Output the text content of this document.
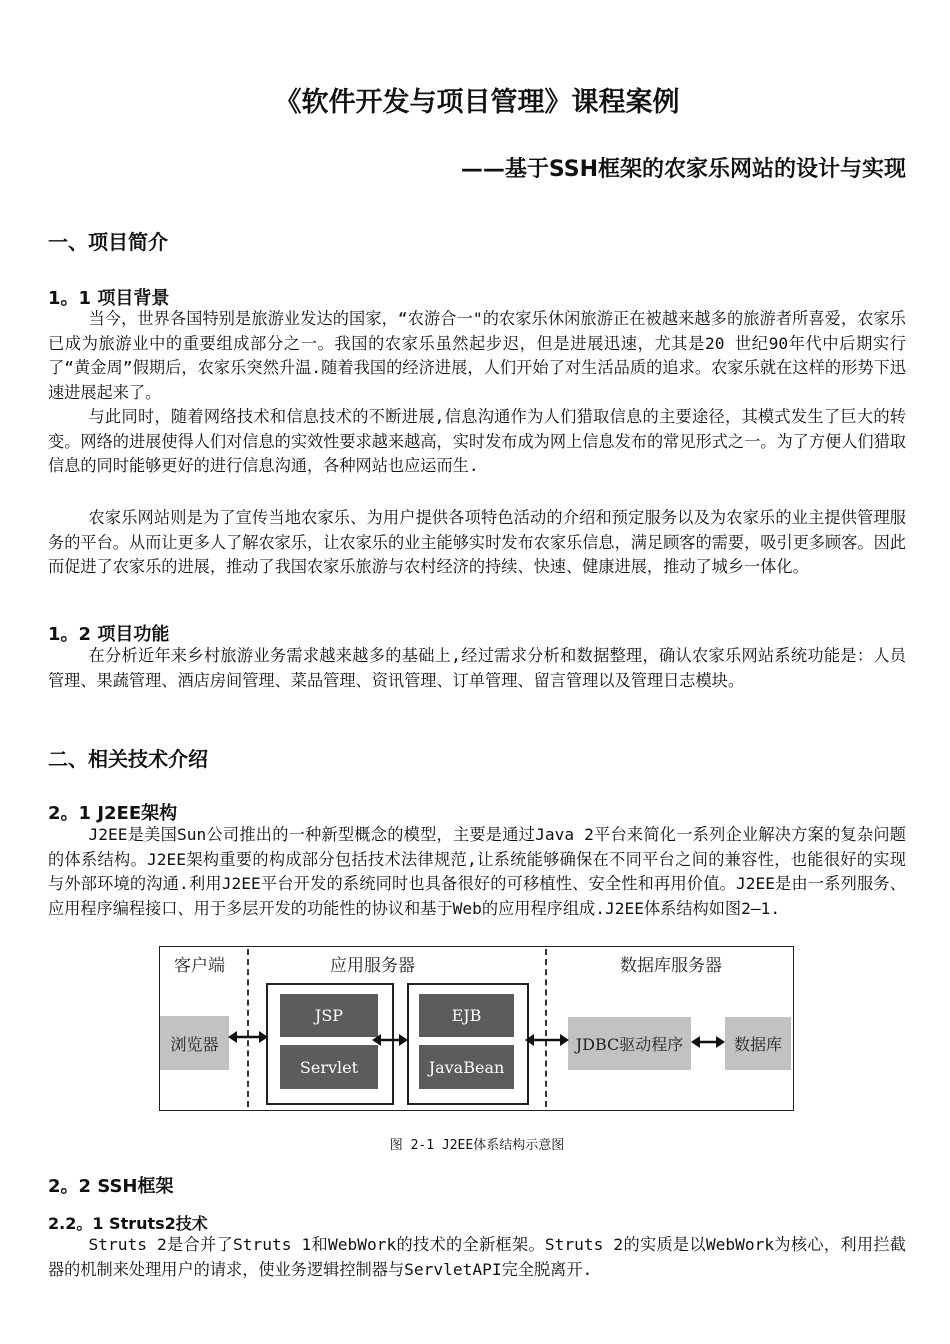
《软件开发与项目管理》课程案例
——基于SSH框架的农家乐网站的设计与实现
一、项目简介
1。1 项目背景
当今，世界各国特别是旅游业发达的国家，“农游合一"的农家乐休闲旅游正在被越来越多的旅游者所喜爱，农家乐已成为旅游业中的重要组成部分之一。我国的农家乐虽然起步迟，但是进展迅速，尤其是20 世纪90年代中后期实行了“黄金周”假期后，农家乐突然升温.随着我国的经济进展，人们开始了对生活品质的追求。农家乐就在这样的形势下迅速进展起来了。
与此同时，随着网络技术和信息技术的不断进展,信息沟通作为人们猎取信息的主要途径，其模式发生了巨大的转变。网络的进展使得人们对信息的实效性要求越来越高，实时发布成为网上信息发布的常见形式之一。为了方便人们猎取信息的同时能够更好的进行信息沟通，各种网站也应运而生.
农家乐网站则是为了宣传当地农家乐、为用户提供各项特色活动的介绍和预定服务以及为农家乐的业主提供管理服务的平台。从而让更多人了解农家乐，让农家乐的业主能够实时发布农家乐信息，满足顾客的需要，吸引更多顾客。因此而促进了农家乐的进展，推动了我国农家乐旅游与农村经济的持续、快速、健康进展，推动了城乡一体化。
1。2 项目功能
在分析近年来乡村旅游业务需求越来越多的基础上,经过需求分析和数据整理，确认农家乐网站系统功能是：人员管理、果蔬管理、酒店房间管理、菜品管理、资讯管理、订单管理、留言管理以及管理日志模块。
二、相关技术介绍
2。1 J2EE架构
J2EE是美国Sun公司推出的一种新型概念的模型，主要是通过Java 2平台来简化一系列企业解决方案的复杂问题的体系结构。J2EE架构重要的构成部分包括技术法律规范,让系统能够确保在不同平台之间的兼容性，也能很好的实现与外部环境的沟通.利用J2EE平台开发的系统同时也具备很好的可移植性、安全性和再用价值。J2EE是由一系列服务、应用程序编程接口、用于多层开发的功能性的协议和基于Web的应用程序组成.J2EE体系结构如图2—1.
客户端	应用服务器	数据库服务器
浏览器
JSP
Servlet
EJB
JavaBean
JDBC驱动程序	数据库
图 2-1 J2EE体系结构示意图
2。2 SSH框架
2.2。1 Struts2技术
Struts 2是合并了Struts 1和WebWork的技术的全新框架。Struts 2的实质是以WebWork为核心，利用拦截器的机制来处理用户的请求，使业务逻辑控制器与ServletAPI完全脱离开.
